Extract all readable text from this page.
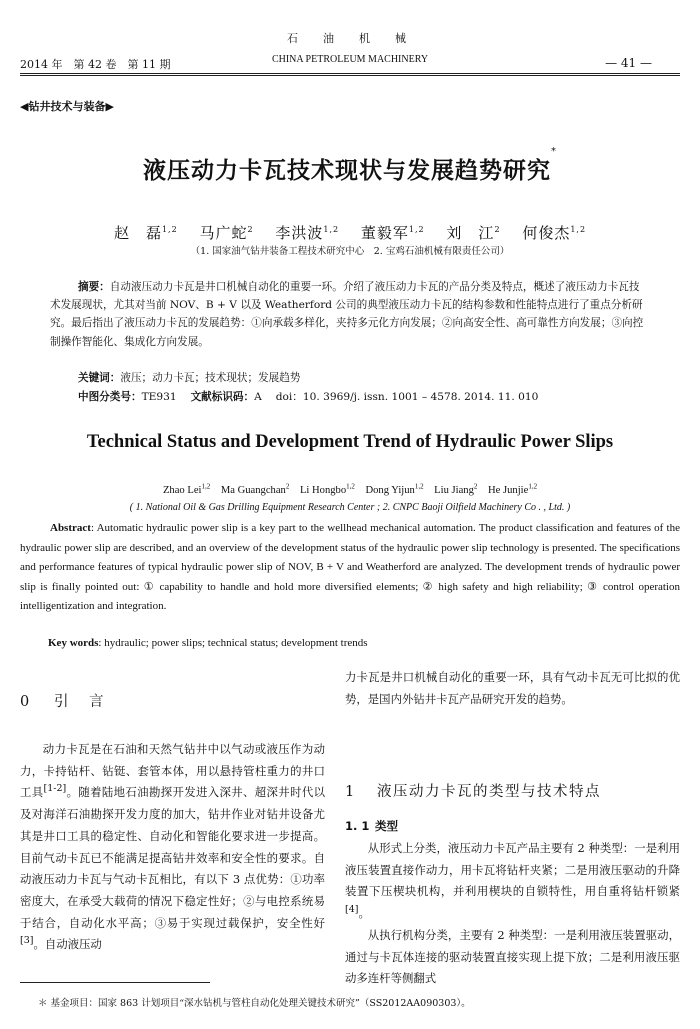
2014 年　第 42 卷　第 11 期
石　油　机　械
CHINA PETROLEUM MACHINERY	— 41 —
◀钻井技术与装备▶
液压动力卡瓦技术现状与发展趋势研究*
赵　磊$^{1,2}$　 马广蛇$^2$　 李洪波$^{1,2}$　 董毅军$^{1,2}$　 刘　江$^2$　 何俊杰$^{1,2}$
（1. 国家油气钻井装备工程技术研究中心　2. 宝鸡石油机械有限责任公司）
摘要：自动液压动力卡瓦是井口机械自动化的重要一环。介绍了液压动力卡瓦的产品分类及特点，概述了液压动力卡瓦技术发展现状，尤其对当前 NOV、B + V 以及 Weatherford 公司的典型液压动力卡瓦的结构参数和性能特点进行了重点分析研究。最后指出了液压动力卡瓦的发展趋势：①向承载多样化，夹持多元化方向发展；②向高安全性、高可靠性方向发展；③向控制操作智能化、集成化方向发展。
关键词：液压；动力卡瓦；技术现状；发展趋势
中图分类号：TE931　 文献标识码：A　 doi：10. 3969/j. issn. 1001 – 4578. 2014. 11. 010
Technical Status and Development Trend of Hydraulic Power Slips
Zhao Lei$^{1,2}$ Ma Guangchan$^2$ Li Hongbo$^{1,2}$ Dong Yijun$^{1,2}$ Liu Jiang$^2$ He Junjie$^{1,2}$
( 1. National Oil & Gas Drilling Equipment Research Center ; 2. CNPC Baoji Oilfield Machinery Co . , Ltd. )
Abstract: Automatic hydraulic power slip is a key part to the wellhead mechanical automation. The product classification and features of the hydraulic power slip are described, and an overview of the development status of the hydraulic power slip technology is presented. The specifications and performance features of typical hydraulic power slip of NOV, B + V and Weatherford are analyzed. The development trends of hydraulic power slip is finally pointed out: ① capability to handle and hold more diversified elements; ② high safety and high reliability; ③ control operation intelligentization and integration.
Key words: hydraulic; power slips; technical status; development trends
0 引　言

动力卡瓦是在石油和天然气钻井中以气动或液压作为动力，卡持钻杆、钻铤、套管本体，用以悬持管柱重力的井口工具[1-2]。随着陆地石油勘探开发进入深井、超深井时代以及对海洋石油勘探开发力度的加大，钻井作业对钻井设备尤其是井口工具的稳定性、自动化和智能化要求进一步提高。目前气动卡瓦已不能满足提高钻井效率和安全性的要求。自动液压动力卡瓦与气动卡瓦相比，有以下 3 点优势：①功率密度大，在承受大载荷的情况下稳定性好；②与电控系统易于结合，自动化水平高；③易于实现过载保护，安全性好[3]。自动液压动

力卡瓦是井口机械自动化的重要一环，具有气动卡瓦无可比拟的优势，是国内外钻井卡瓦产品研究开发的趋势。
1 液压动力卡瓦的类型与技术特点
1. 1 类型

从形式上分类，液压动力卡瓦产品主要有 2 种类型：一是利用液压装置直接作动力，用卡瓦将钻杆夹紧；二是用液压驱动的升降装置下压楔块机构，并利用楔块的自锁特性，用自重将钻杆锁紧[4]。

从执行机构分类，主要有 2 种类型：一是利用液压装置驱动，通过与卡瓦体连接的驱动装置直接实现上提下放；二是利用液压驱动多连杆等侧翻式

＊ 基金项目：国家 863 计划项目“深水钻机与管柱自动化处理关键技术研究”（SS2012AA090303）。
